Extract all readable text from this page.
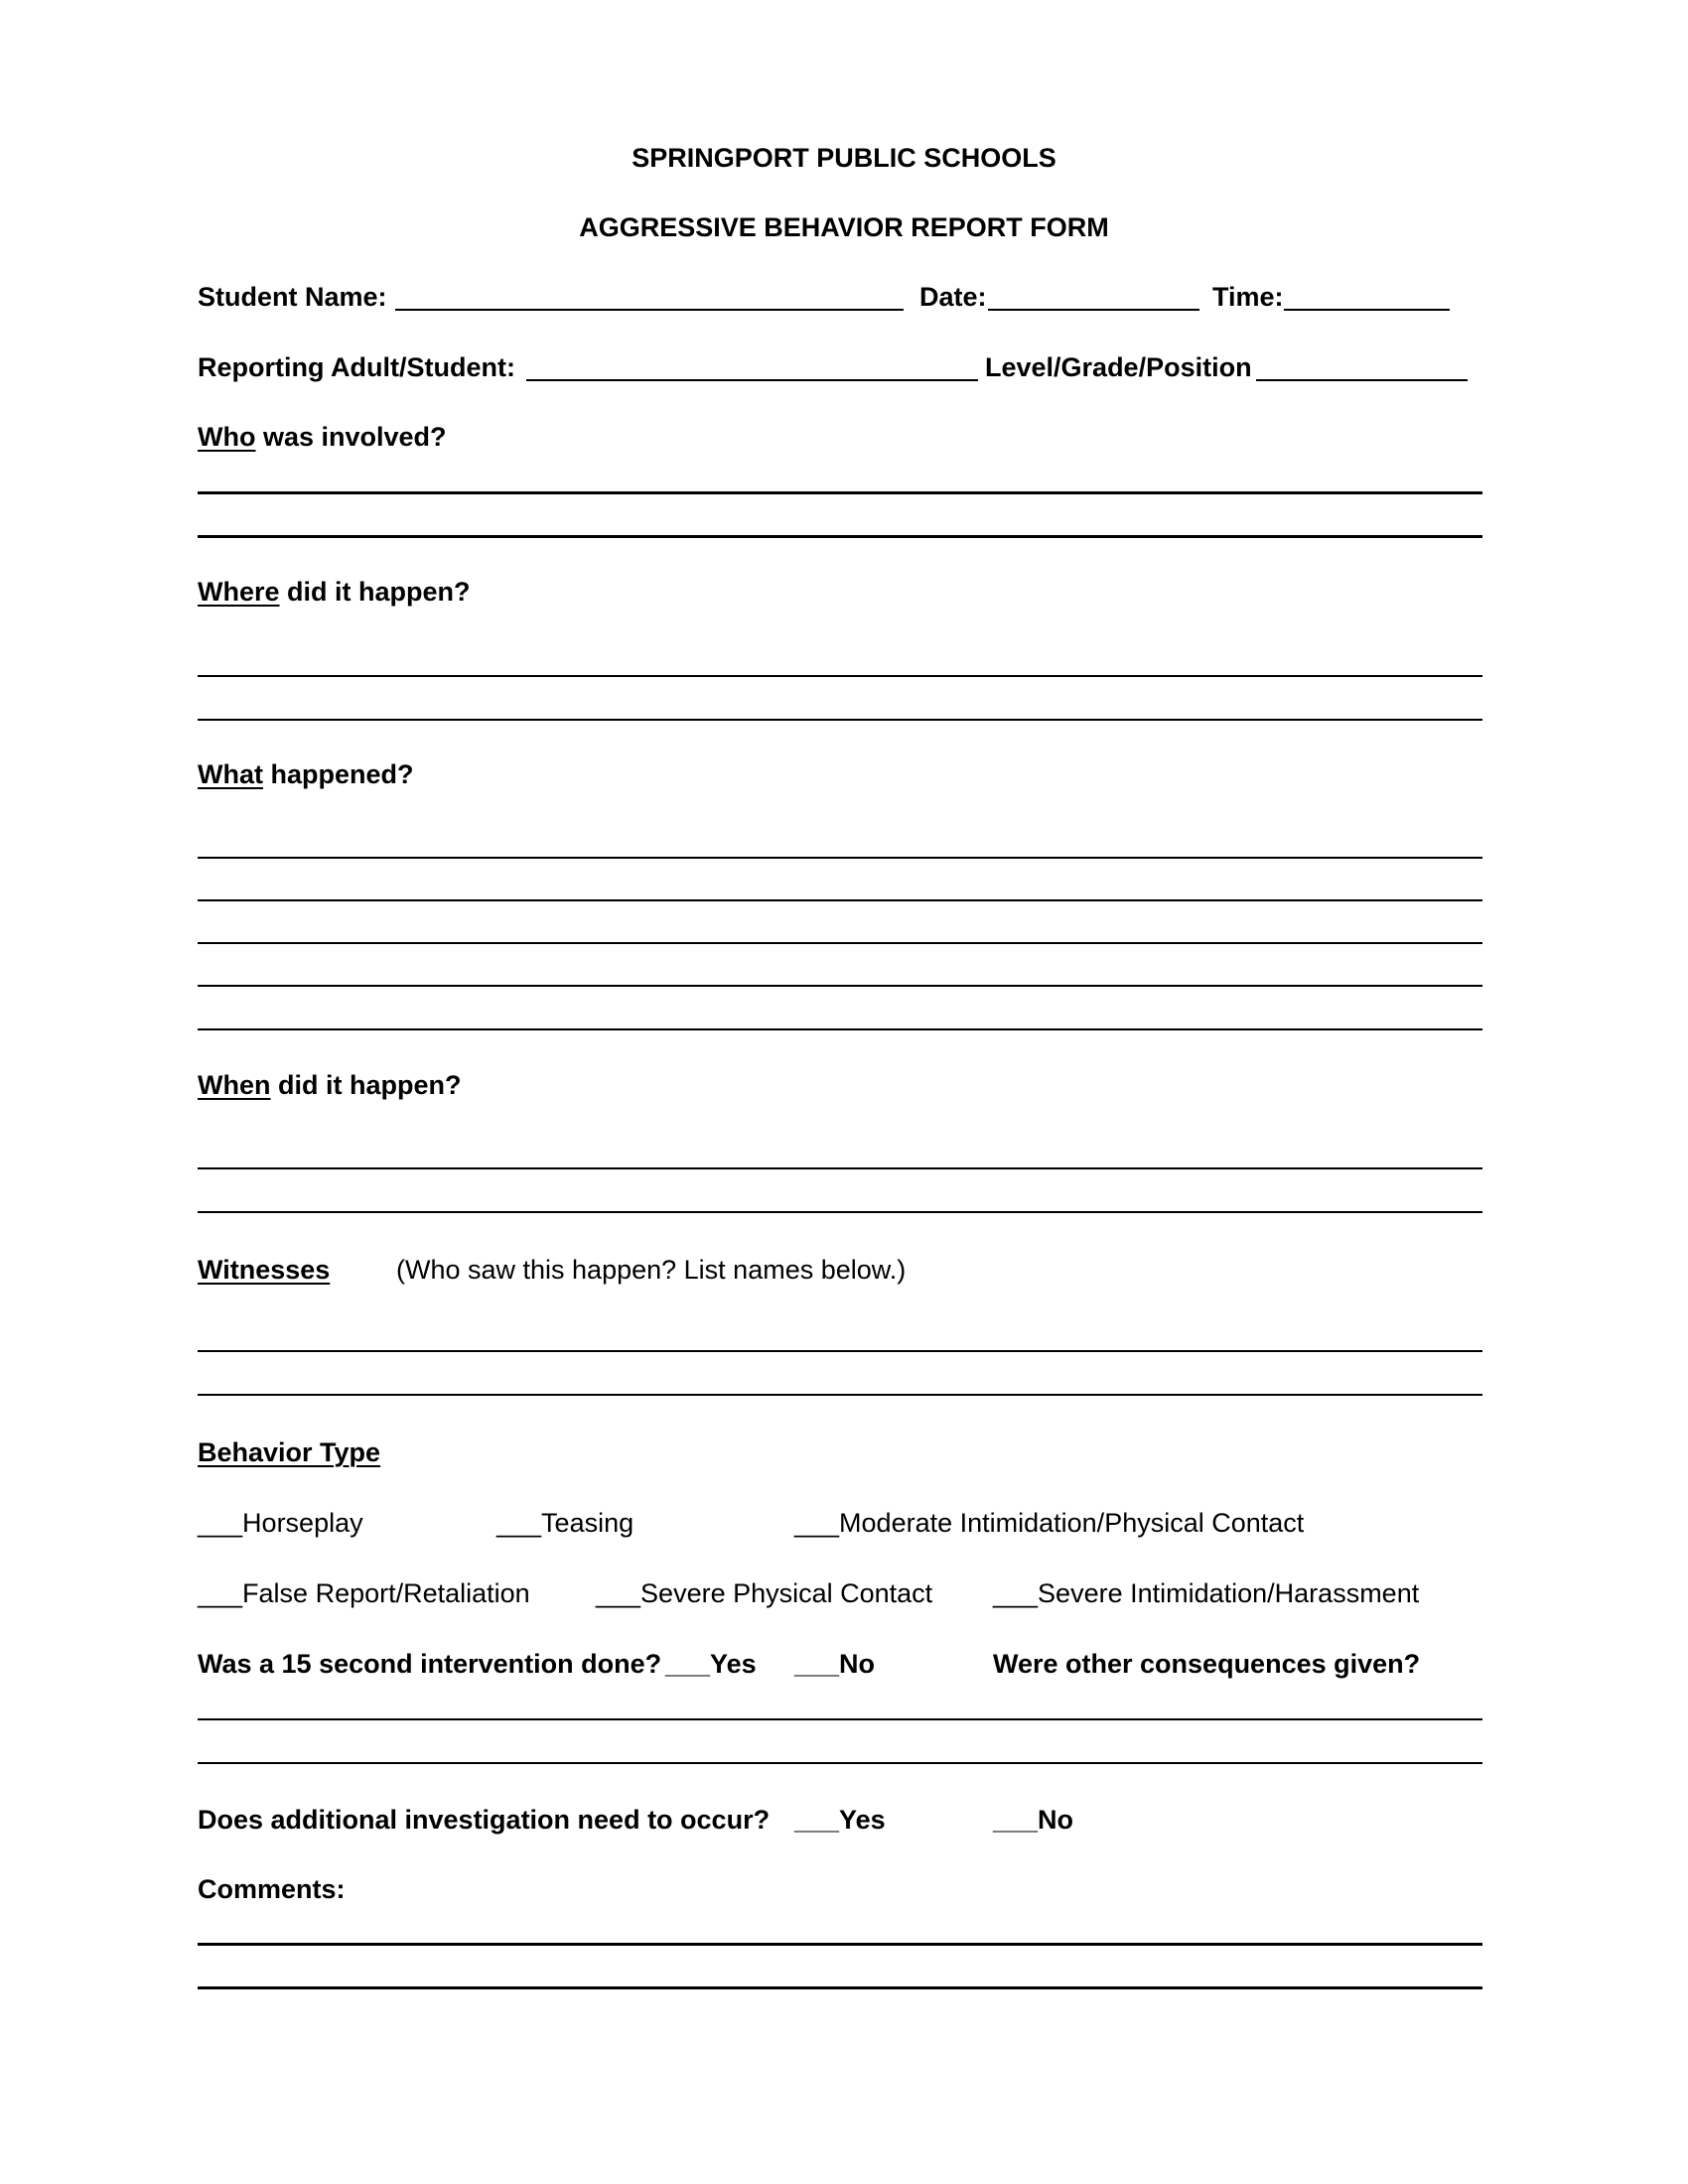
SPRINGPORT PUBLIC SCHOOLS
AGGRESSIVE BEHAVIOR REPORT FORM
Student Name:	Date:	Time:
Reporting Adult/Student:	Level/Grade/Position
Who was involved?
Where did it happen?
What happened?
When did it happen?
Witnesses (Who saw this happen? List names below.)
Behavior Type
___Horseplay	___Teasing	___Moderate Intimidation/Physical Contact
___False Report/Retaliation ___Severe Physical Contact ___Severe Intimidation/Harassment
Was a 15 second intervention done? ___Yes ___No	Were other consequences given?
Does additional investigation need to occur? ___Yes	___No
Comments:
